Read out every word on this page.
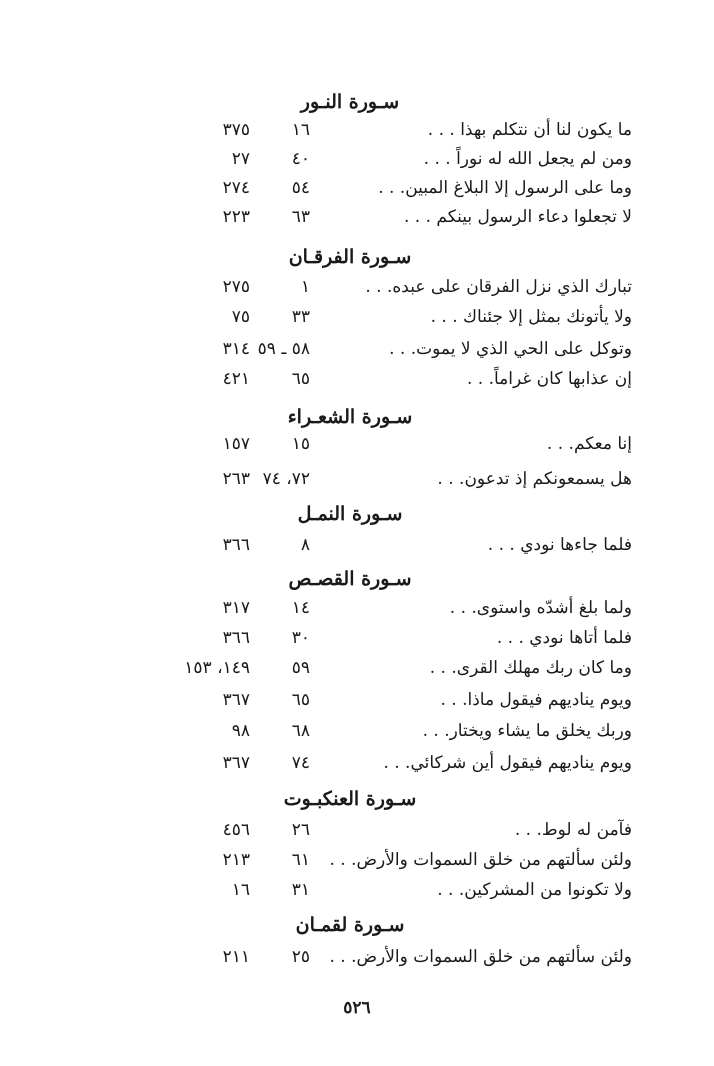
سـورة النـور
ما يكون لنا أن نتكلم بهذا . . .
١٦
٣٧٥
ومن لم يجعل الله له نوراً . . .
٤٠
٢٧
وما على الرسول إلا البلاغ المبين. . .
٥٤
٢٧٤
لا تجعلوا دعاء الرسول بينكم . . .
٦٣
٢٢٣
سـورة الفرقـان
تبارك الذي نزل الفرقان على عبده. . .
١
٢٧٥
ولا يأتونك بمثل إلا جئناك . . .
٣٣
٧٥
وتوكل على الحي الذي لا يموت. . .
٥٨ ـ ٥٩
٣١٤
إن عذابها كان غراماً. . .
٦٥
٤٢١
سـورة الشعـراء
إنا معكم. . .
١٥
١٥٧
هل يسمعونكم إذ تدعون. . .
٧٢، ٧٤
٢٦٣
سـورة النمـل
فلما جاءها نودي . . .
٨
٣٦٦
سـورة القصـص
ولما بلغ أشدّه واستوى. . .
١٤
٣١٧
فلما أتاها نودي . . .
٣٠
٣٦٦
وما كان ربك مهلك القرى. . .
٥٩
١٤٩، ١٥٣
ويوم يناديهم فيقول ماذا. . .
٦٥
٣٦٧
وربك يخلق ما يشاء ويختار. . .
٦٨
٩٨
ويوم يناديهم فيقول أين شركائي. . .
٧٤
٣٦٧
سـورة العنكبـوت
فآمن له لوط. . .
٢٦
٤٥٦
ولئن سألتهم من خلق السموات والأرض. . .
٦١
٢١٣
ولا تكونوا من المشركين. . .
٣١
١٦
سـورة لقمـان
ولئن سألتهم من خلق السموات والأرض. . .
٢٥
٢١١
٥٢٦
